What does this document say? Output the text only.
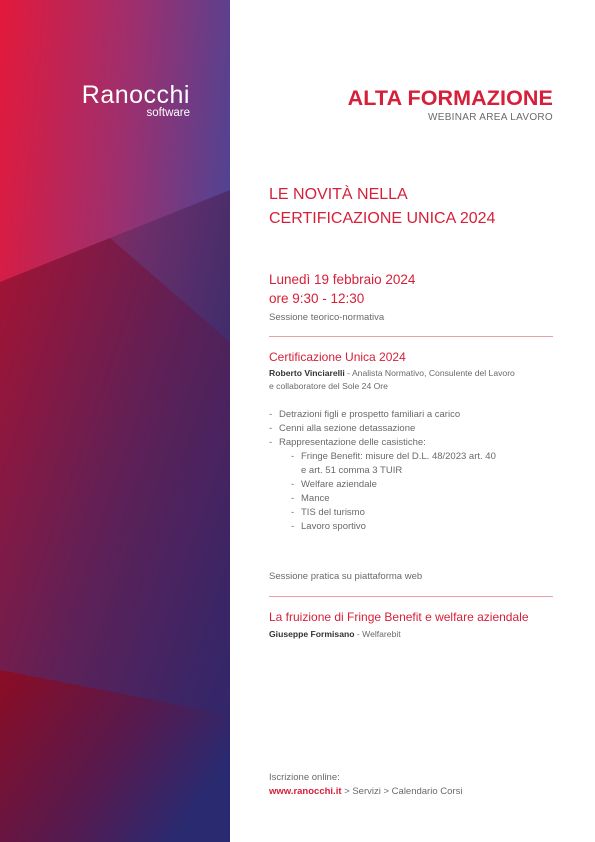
Ranocchi
software
ALTA FORMAZIONE
WEBINAR AREA LAVORO
LE NOVITÀ NELLA
CERTIFICAZIONE UNICA 2024
Lunedì 19 febbraio 2024
ore 9:30 - 12:30
Sessione teorico-normativa
Certificazione Unica 2024
Roberto Vinciarelli - Analista Normativo, Consulente del Lavoro
e collaboratore del Sole 24 Ore
- Detrazioni figli e prospetto familiari a carico
- Cenni alla sezione detassazione
- Rappresentazione delle casistiche:
- Fringe Benefit: misure del D.L. 48/2023 art. 40
e art. 51 comma 3 TUIR
- Welfare aziendale
- Mance
- TIS del turismo
- Lavoro sportivo
Sessione pratica su piattaforma web
La fruizione di Fringe Benefit e welfare aziendale
Giuseppe Formisano - Welfarebit
Iscrizione online:
www.ranocchi.it > Servizi > Calendario Corsi
